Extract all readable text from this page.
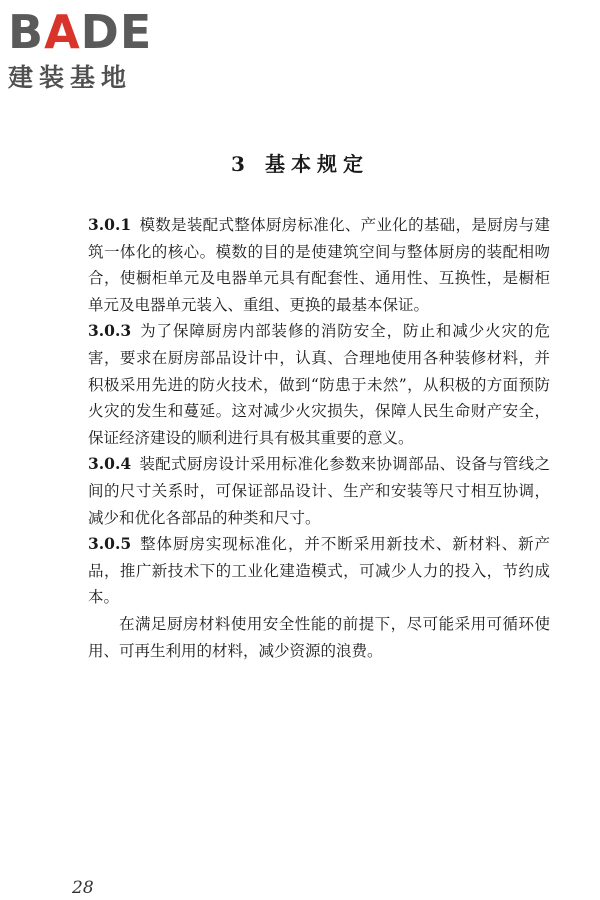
BADE
建装基地
3 基本规定

3.0.1 模数是装配式整体厨房标准化、产业化的基础，是厨房与建筑一体化的核心。模数的目的是使建筑空间与整体厨房的装配相吻合，使橱柜单元及电器单元具有配套性、通用性、互换性，是橱柜单元及电器单元装入、重组、更换的最基本保证。

3.0.3 为了保障厨房内部装修的消防安全，防止和减少火灾的危害，要求在厨房部品设计中，认真、合理地使用各种装修材料，并积极采用先进的防火技术，做到“防患于未然”，从积极的方面预防火灾的发生和蔓延。这对减少火灾损失，保障人民生命财产安全，保证经济建设的顺利进行具有极其重要的意义。

3.0.4 装配式厨房设计采用标准化参数来协调部品、设备与管线之间的尺寸关系时，可保证部品设计、生产和安装等尺寸相互协调，减少和优化各部品的种类和尺寸。

3.0.5 整体厨房实现标准化，并不断采用新技术、新材料、新产品，推广新技术下的工业化建造模式，可减少人力的投入，节约成本。

在满足厨房材料使用安全性能的前提下，尽可能采用可循环使用、可再生利用的材料，减少资源的浪费。

28
